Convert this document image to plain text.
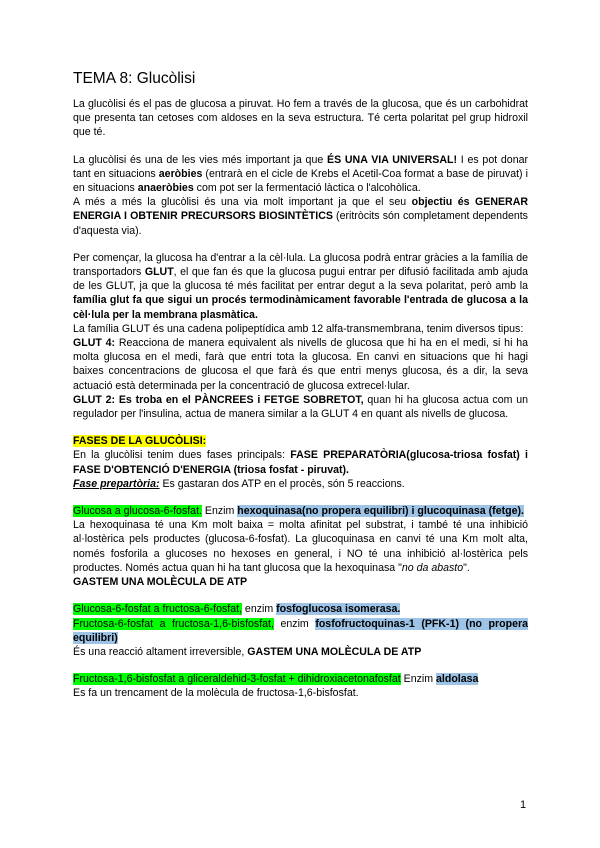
TEMA 8: Glucòlisi

La glucòlisi és el pas de glucosa a piruvat. Ho fem a través de la glucosa, que és un carbohidrat que presenta tan cetoses com aldoses en la seva estructura. Té certa polaritat pel grup hidroxil que té.

La glucòlisi és una de les vies més important ja que ÉS UNA VIA UNIVERSAL! I es pot donar tant en situacions aeròbies (entrarà en el cicle de Krebs el Acetil-Coa format a base de piruvat) i en situacions anaeròbies com pot ser la fermentació làctica o l'alcohòlica.

A més a més la glucòlisi és una via molt important ja que el seu objectiu és GENERAR ENERGIA I OBTENIR PRECURSORS BIOSINTÈTICS (eritròcits són completament dependents d'aquesta via).

Per començar, la glucosa ha d'entrar a la cèl·lula. La glucosa podrà entrar gràcies a la família de transportadors GLUT, el que fan és que la glucosa pugui entrar per difusió facilitada amb ajuda de les GLUT, ja que la glucosa té més facilitat per entrar degut a la seva polaritat, però amb la família glut fa que sigui un procés termodinàmicament favorable l'entrada de glucosa a la cèl·lula per la membrana plasmàtica.

La família GLUT és una cadena polipeptídica amb 12 alfa-transmembrana, tenim diversos tipus:

GLUT 4: Reacciona de manera equivalent als nivells de glucosa que hi ha en el medi, si hi ha molta glucosa en el medi, farà que entri tota la glucosa. En canvi en situacions que hi hagi baixes concentracions de glucosa el que farà és que entri menys glucosa, és a dir, la seva actuació està determinada per la concentració de glucosa extrecel·lular.

GLUT 2: Es troba en el PÀNCREES i FETGE SOBRETOT, quan hi ha glucosa actua com un regulador per l'insulina, actua de manera similar a la GLUT 4 en quant als nivells de glucosa.

FASES DE LA GLUCÒLISI:

En la glucòlisi tenim dues fases principals: FASE PREPARATÒRIA(glucosa-triosa fosfat) i FASE D'OBTENCIÓ D'ENERGIA (triosa fosfat - piruvat).

Fase prepartòria: Es gastaran dos ATP en el procès, són 5 reaccions.

Glucosa a glucosa-6-fosfat. Enzim hexoquinasa(no propera equilibri) i glucoquinasa (fetge).

La hexoquinasa té una Km molt baixa = molta afinitat pel substrat, i també té una inhibició al·lostèrica pels productes (glucosa-6-fosfat). La glucoquinasa en canvi té una Km molt alta, només fosforila a glucoses no hexoses en general, i NO té una inhibició al·lostèrica pels productes. Només actua quan hi ha tant glucosa que la hexoquinasa "no da abasto".

GASTEM UNA MOLÈCULA DE ATP

Glucosa-6-fosfat a fructosa-6-fosfat, enzim fosfoglucosa isomerasa.

Fructosa-6-fosfat a fructosa-1,6-bisfosfat, enzim fosfofructoquinas-1 (PFK-1) (no propera equilibri)

És una reacció altament irreversible, GASTEM UNA MOLÈCULA DE ATP

Fructosa-1,6-bisfosfat a gliceraldehid-3-fosfat + dihidroxiacetonafosfat Enzim aldolasa

Es fa un trencament de la molècula de fructosa-1,6-bisfosfat.

1
